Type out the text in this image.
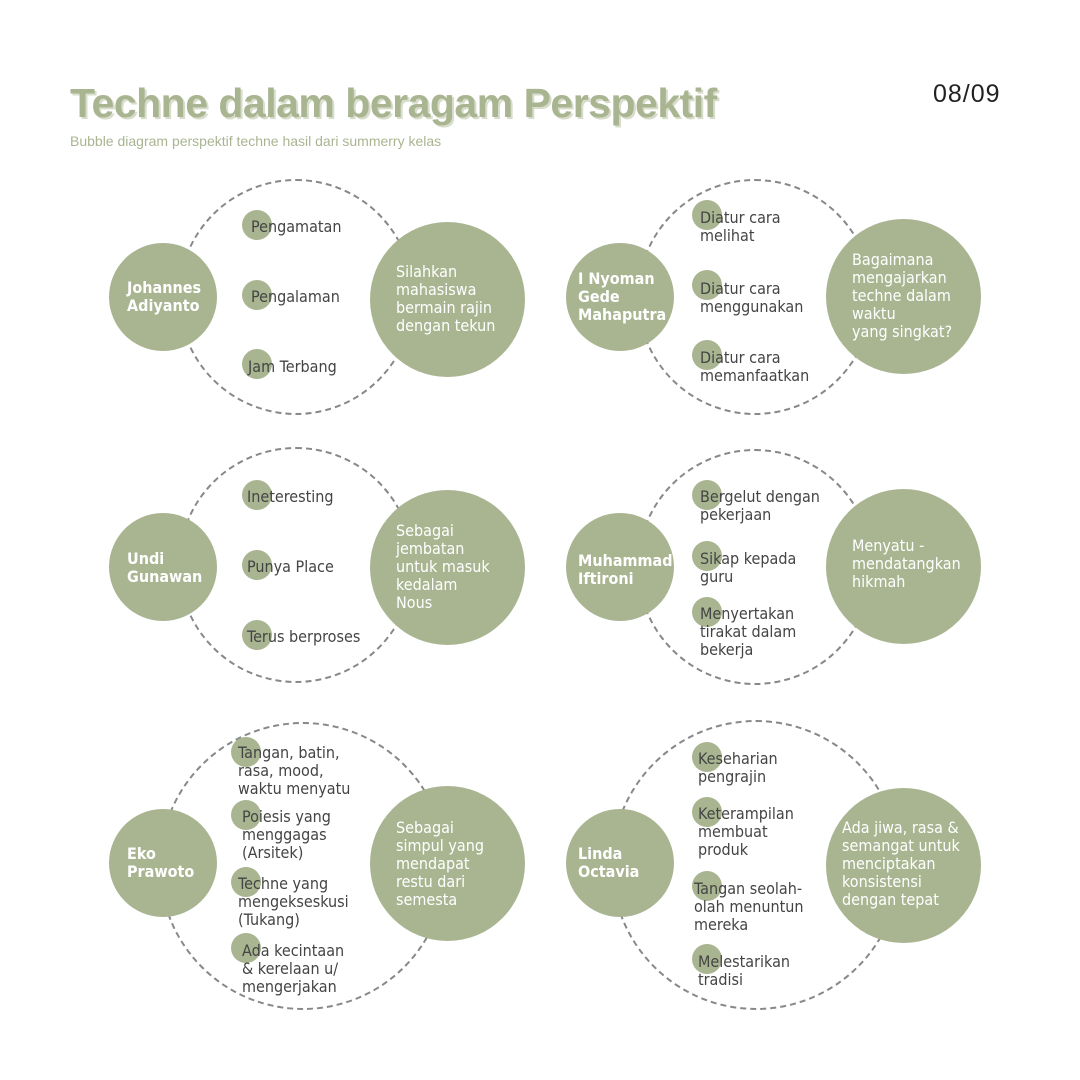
Techne dalam beragam Perspektif
Bubble diagram perspektif techne hasil dari summerry kelas
08/09
Johannes
Adiyanto
Pengamatan
Pengalaman
Jam Terbang
Silahkan
mahasiswa
bermain rajin
dengan tekun
I Nyoman
Gede
Mahaputra
Diatur cara
melihat
Diatur cara
menggunakan
Diatur cara
memanfaatkan
Bagaimana
mengajarkan
techne dalam
waktu
yang singkat?
Undi
Gunawan
Ineteresting
Punya Place
Terus berproses
Sebagai
jembatan
untuk masuk
kedalam
Nous
Muhammad
Iftironi
Bergelut dengan
pekerjaan
Sikap kepada
guru
Menyertakan
tirakat dalam
bekerja
Menyatu -
mendatangkan
hikmah
Eko
Prawoto
Tangan, batin,
rasa, mood,
waktu menyatu
Poiesis yang
menggagas
(Arsitek)
Techne yang
mengekseskusi
(Tukang)
Ada kecintaan
& kerelaan u/
mengerjakan
Sebagai
simpul yang
mendapat
restu dari
semesta
Linda
Octavia
Keseharian
pengrajin
Keterampilan
membuat
produk
Tangan seolah-
olah menuntun
mereka
Melestarikan
tradisi
Ada jiwa, rasa &
semangat untuk
menciptakan
konsistensi
dengan tepat
